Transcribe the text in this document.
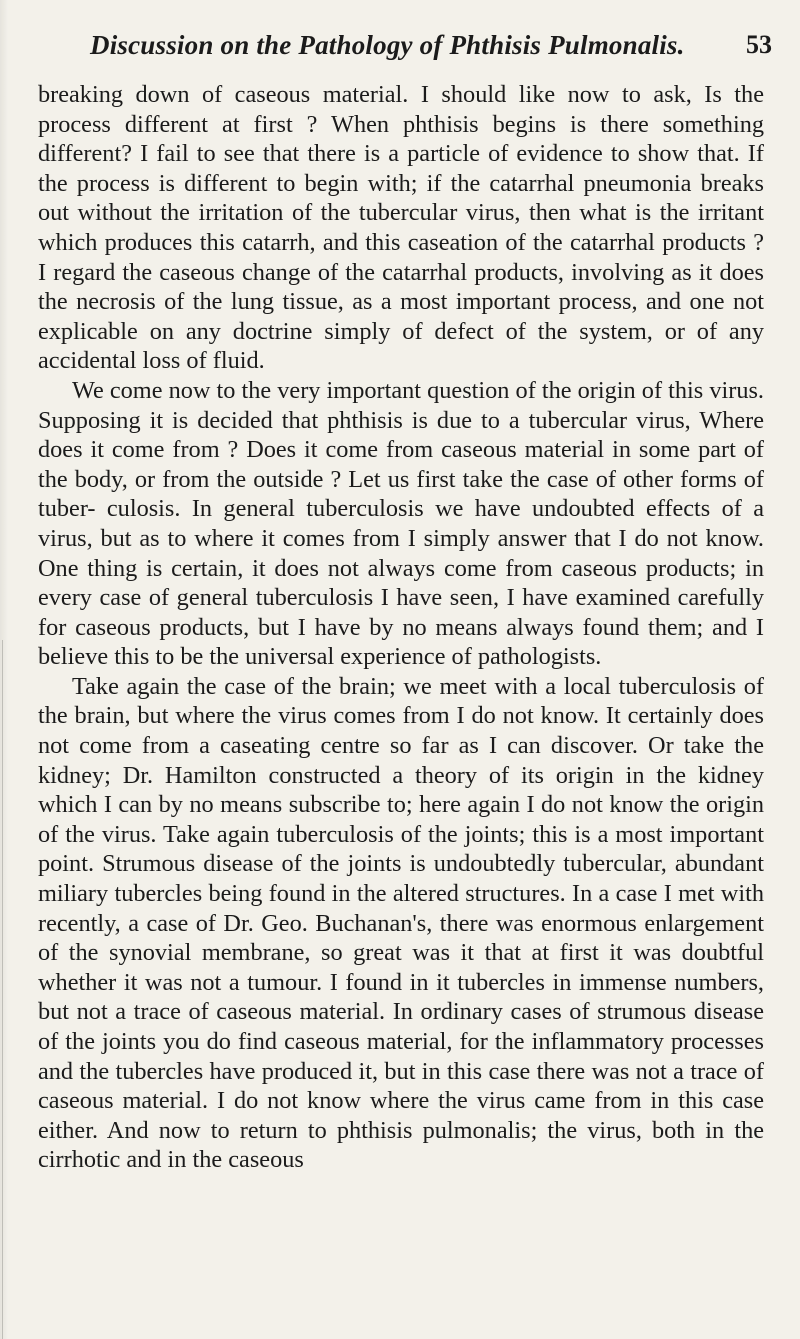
Discussion on the Pathology of Phthisis Pulmonalis. 53

breaking down of caseous material. I should like now to ask, Is the process different at first ? When phthisis begins is there something different? I fail to see that there is a particle of evidence to show that. If the process is different to begin with; if the catarrhal pneumonia breaks out without the irritation of the tubercular virus, then what is the irritant which produces this catarrh, and this caseation of the catarrhal products ? I regard the caseous change of the catarrhal products, involving as it does the necrosis of the lung tissue, as a most important process, and one not explicable on any doctrine simply of defect of the system, or of any accidental loss of fluid.

We come now to the very important question of the origin of this virus. Supposing it is decided that phthisis is due to a tubercular virus, Where does it come from ? Does it come from caseous material in some part of the body, or from the outside ? Let us first take the case of other forms of tuber- culosis. In general tuberculosis we have undoubted effects of a virus, but as to where it comes from I simply answer that I do not know. One thing is certain, it does not always come from caseous products; in every case of general tuberculosis I have seen, I have examined carefully for caseous products, but I have by no means always found them; and I believe this to be the universal experience of pathologists.

Take again the case of the brain; we meet with a local tuberculosis of the brain, but where the virus comes from I do not know. It certainly does not come from a caseating centre so far as I can discover. Or take the kidney; Dr. Hamilton constructed a theory of its origin in the kidney which I can by no means subscribe to; here again I do not know the origin of the virus. Take again tuberculosis of the joints; this is a most important point. Strumous disease of the joints is undoubtedly tubercular, abundant miliary tubercles being found in the altered structures. In a case I met with recently, a case of Dr. Geo. Buchanan's, there was enormous enlargement of the synovial membrane, so great was it that at first it was doubtful whether it was not a tumour. I found in it tubercles in immense numbers, but not a trace of caseous material. In ordinary cases of strumous disease of the joints you do find caseous material, for the inflammatory processes and the tubercles have produced it, but in this case there was not a trace of caseous material. I do not know where the virus came from in this case either. And now to return to phthisis pulmonalis; the virus, both in the cirrhotic and in the caseous
